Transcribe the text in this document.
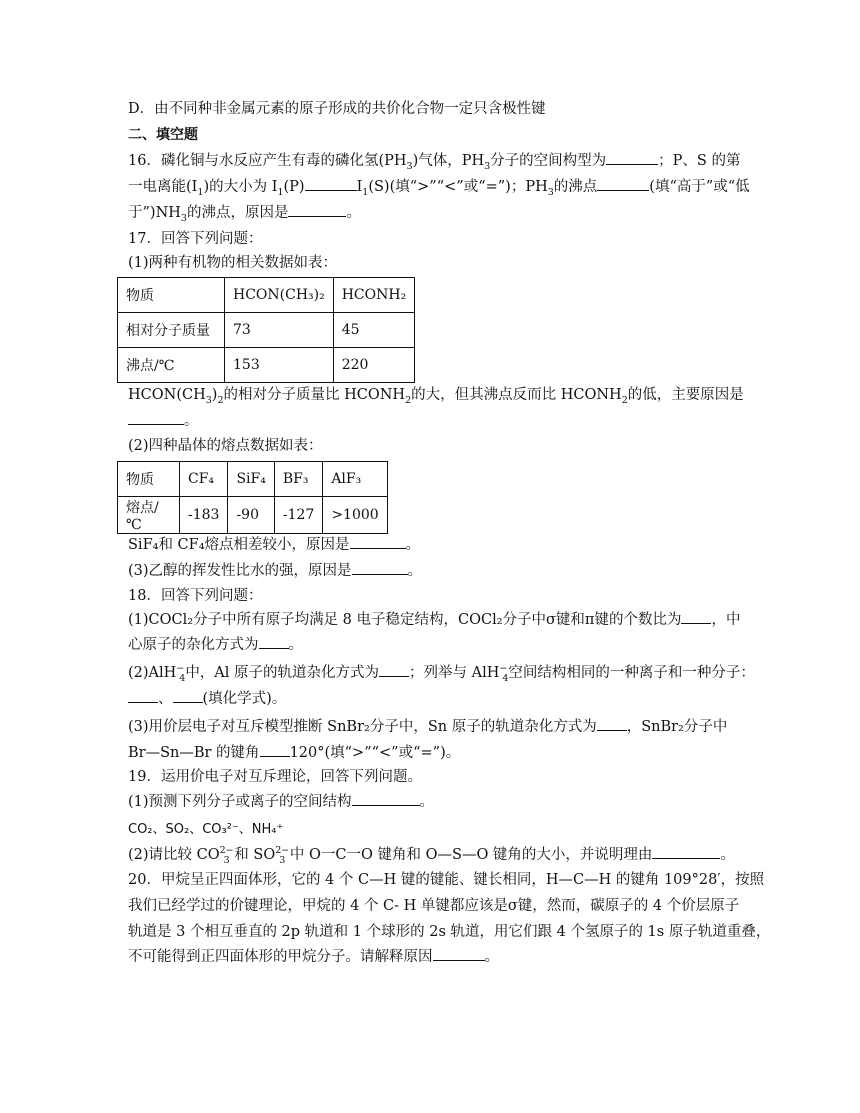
D．由不同种非金属元素的原子形成的共价化合物一定只含极性键
二、填空题
16．磷化铜与水反应产生有毒的磷化氢$(PH_3)$气体，$PH_3$分子的空间构型为	；P、S 的第
一电离能$(I_1)$的大小为 $I_1(P)$	$I_1(S)$(填“>”“<”或“=”)；$PH_3$的沸点	(填“高于”或“低
于$”)NH_3$的沸点，原因是	。
17．回答下列问题：
(1)两种有机物的相关数据如表：
物质	HCON(CH₃)₂	HCONH₂
相对分子质量	73	45
沸点/℃	153	220
$HCON(CH_3)_2$的相对分子质量比 $HCONH_2$的大，但其沸点反而比 $HCONH_2$的低，主要原因是
。
(2)四种晶体的熔点数据如表：
物质	CF₄	SiF₄	BF₃	AlF₃
熔点/℃	-183	-90	-127	>1000
SiF₄和 CF₄熔点相差较小，原因是	。
(3)乙醇的挥发性比水的强，原因是	。
18．回答下列问题：
(1)COCl₂分子中所有原子均满足 8 电子稳定结构，COCl₂分子中σ键和π键的个数比为 ，中
心原子的杂化方式为 。
(2)AlH−$_4$中，Al 原子的轨道杂化方式为 ；列举与 AlH−$_4$空间结构相同的一种离子和一种分子：
、 (填化学式)。
(3)用价层电子对互斥模型推断 SnBr₂分子中，Sn 原子的轨道杂化方式为 ，SnBr₂分子中
Br—Sn—Br 的键角 120°(填“>”“<”或“=”)。
19．运用价电子对互斥理论，回答下列问题。
(1)预测下列分子或离子的空间结构	。
CO₂、SO₂、CO₃²⁻、NH₄⁺
(2)请比较 $CO^{2-}_3$ 和 $SO^{2-}_3$ 中 O一C一O 键角和 O—S—O 键角的大小，并说明理由	。
20．甲烷呈正四面体形，它的 4 个 C—H 键的键能、键长相同，H—C—H 的键角 109°28′，按照
我们已经学过的价键理论，甲烷的 4 个 C- H 单键都应该是σ键，然而，碳原子的 4 个价层原子
轨道是 3 个相互垂直的 2p 轨道和 1 个球形的 2s 轨道，用它们跟 4 个氢原子的 1s 原子轨道重叠，
不可能得到正四面体形的甲烷分子。请解释原因	。
